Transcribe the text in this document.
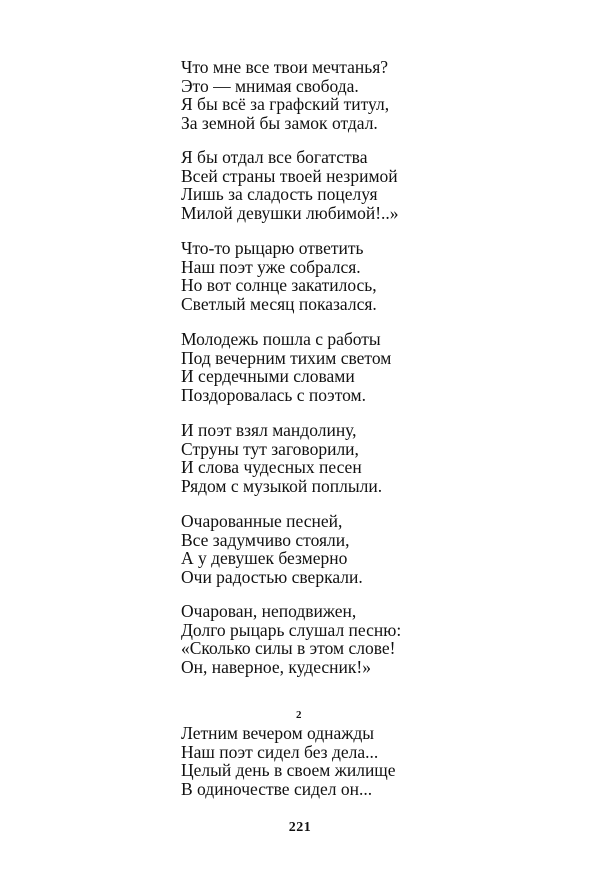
Что мне все твои мечтанья?
Это — мнимая свобода.
Я бы всё за графский титул,
За земной бы замок отдал.
Я бы отдал все богатства
Всей страны твоей незримой
Лишь за сладость поцелуя
Милой девушки любимой!..»
Что-то рыцарю ответить
Наш поэт уже собрался.
Но вот солнце закатилось,
Светлый месяц показался.
Молодежь пошла с работы
Под вечерним тихим светом
И сердечными словами
Поздоровалась с поэтом.
И поэт взял мандолину,
Струны тут заговорили,
И слова чудесных песен
Рядом с музыкой поплыли.
Очарованные песней,
Все задумчиво стояли,
А у девушек безмерно
Очи радостью сверкали.
Очарован, неподвижен,
Долго рыцарь слушал песню:
«Сколько силы в этом слове!
Он, наверное, кудесник!»
2
Летним вечером однажды
Наш поэт сидел без дела...
Целый день в своем жилище
В одиночестве сидел он...
221
